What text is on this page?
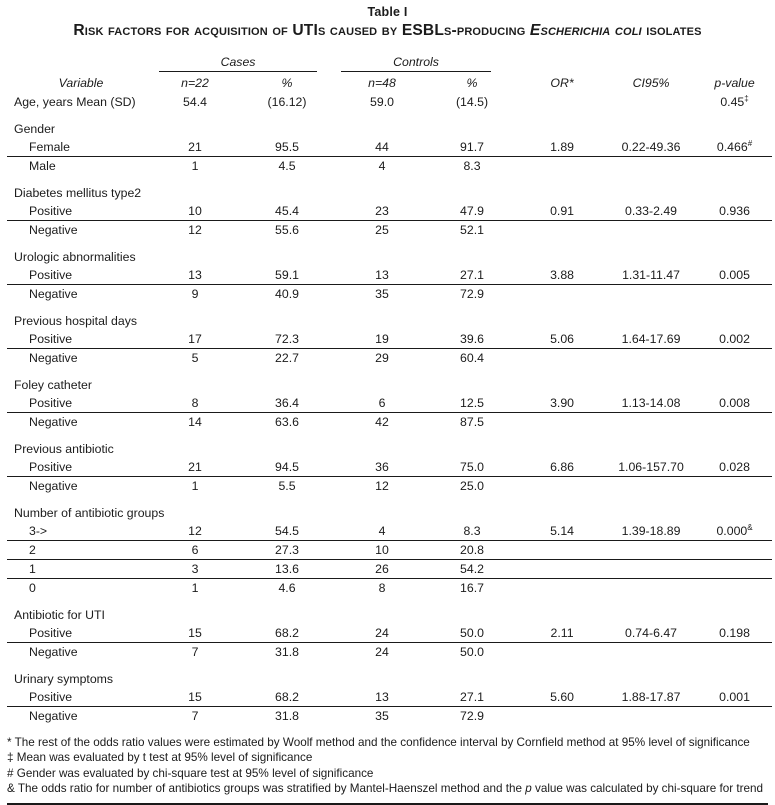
Table I
Risk factors for acquisition of UTIs caused by ESBLs-producing Escherichia coli isolates

	Cases		Controls				

Variable	n=22	%	n=48	%	OR*	CI95%	p-value
Age, years Mean (SD)	54.4	(16.12)	59.0	(14.5)			0.45‡
Gender							
Female	21	95.5	44	91.7	1.89	0.22-49.36	0.466#
Male	1	4.5	4	8.3			
Diabetes mellitus type2							
Positive	10	45.4	23	47.9	0.91	0.33-2.49	0.936
Negative	12	55.6	25	52.1			
Urologic abnormalities							
Positive	13	59.1	13	27.1	3.88	1.31-11.47	0.005
Negative	9	40.9	35	72.9			
Previous hospital days							
Positive	17	72.3	19	39.6	5.06	1.64-17.69	0.002
Negative	5	22.7	29	60.4			
Foley catheter							
Positive	8	36.4	6	12.5	3.90	1.13-14.08	0.008
Negative	14	63.6	42	87.5			
Previous antibiotic							
Positive	21	94.5	36	75.0	6.86	1.06-157.70	0.028
Negative	1	5.5	12	25.0			
Number of antibiotic groups							
3->	12	54.5	4	8.3	5.14	1.39-18.89	0.000&
2	6	27.3	10	20.8			
1	3	13.6	26	54.2			
0	1	4.6	8	16.7			
Antibiotic for UTI							
Positive	15	68.2	24	50.0	2.11	0.74-6.47	0.198
Negative	7	31.8	24	50.0			
Urinary symptoms							
Positive	15	68.2	13	27.1	5.60	1.88-17.87	0.001
Negative	7	31.8	35	72.9			
* The rest of the odds ratio values were estimated by Woolf method and the confidence interval by Cornfield method at 95% level of significance
‡ Mean was evaluated by t test at 95% level of significance
# Gender was evaluated by chi-square test at 95% level of significance
& The odds ratio for number of antibiotics groups was stratified by Mantel-Haenszel method and the p value was calculated by chi-square for trend
